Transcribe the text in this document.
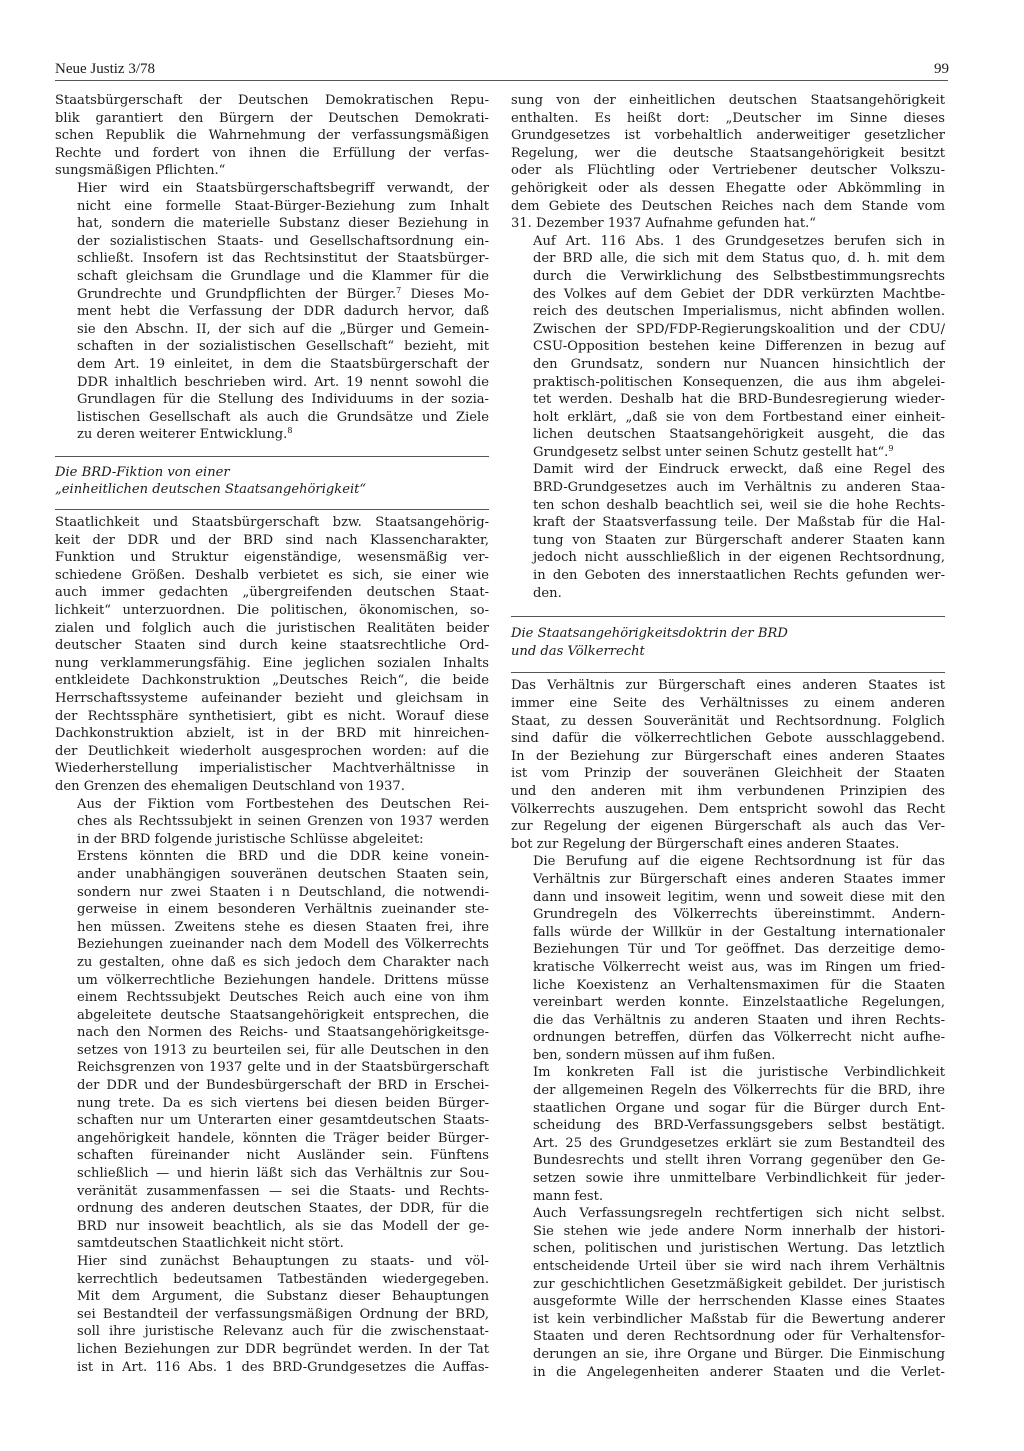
Neue Justiz 3/78	99

Staatsbürgerschaft der Deutschen Demokratischen Repu-
blik garantiert den Bürgern der Deutschen Demokrati-
schen Republik die Wahrnehmung der verfassungsmäßigen
Rechte und fordert von ihnen die Erfüllung der verfas-
sungsmäßigen Pflichten.“

Hier wird ein Staatsbürgerschaftsbegriff verwandt, der
nicht eine formelle Staat-Bürger-Beziehung zum Inhalt
hat, sondern die materielle Substanz dieser Beziehung in
der sozialistischen Staats- und Gesellschaftsordnung ein-
schließt. Insofern ist das Rechtsinstitut der Staatsbürger-
schaft gleichsam die Grundlage und die Klammer für die
Grundrechte und Grundpflichten der Bürger.$^7$ Dieses Mo-
ment hebt die Verfassung der DDR dadurch hervor, daß
sie den Abschn. II, der sich auf die „Bürger und Gemein-
schaften in der sozialistischen Gesellschaft“ bezieht, mit
dem Art. 19 einleitet, in dem die Staatsbürgerschaft der
DDR inhaltlich beschrieben wird. Art. 19 nennt sowohl die
Grundlagen für die Stellung des Individuums in der sozia-
listischen Gesellschaft als auch die Grundsätze und Ziele
zu deren weiterer Entwicklung.$^8$

Die BRD-Fiktion von einer
„einheitlichen deutschen Staatsangehörigkeit“

Staatlichkeit und Staatsbürgerschaft bzw. Staatsangehörig-
keit der DDR und der BRD sind nach Klassencharakter,
Funktion und Struktur eigenständige, wesensmäßig ver-
schiedene Größen. Deshalb verbietet es sich, sie einer wie
auch immer gedachten „übergreifenden deutschen Staat-
lichkeit“ unterzuordnen. Die politischen, ökonomischen, so-
zialen und folglich auch die juristischen Realitäten beider
deutscher Staaten sind durch keine staatsrechtliche Ord-
nung verklammerungsfähig. Eine jeglichen sozialen Inhalts
entkleidete Dachkonstruktion „Deutsches Reich“, die beide
Herrschaftssysteme aufeinander bezieht und gleichsam in
der Rechtssphäre synthetisiert, gibt es nicht. Worauf diese
Dachkonstruktion abzielt, ist in der BRD mit hinreichen-
der Deutlichkeit wiederholt ausgesprochen worden: auf die
Wiederherstellung imperialistischer Machtverhältnisse in
den Grenzen des ehemaligen Deutschland von 1937.

Aus der Fiktion vom Fortbestehen des Deutschen Rei-
ches als Rechtssubjekt in seinen Grenzen von 1937 werden
in der BRD folgende juristische Schlüsse abgeleitet:

Erstens könnten die BRD und die DDR keine vonein-
ander unabhängigen souveränen deutschen Staaten sein,
sondern nur zwei Staaten i n Deutschland, die notwendi-
gerweise in einem besonderen Verhältnis zueinander ste-
hen müssen. Zweitens stehe es diesen Staaten frei, ihre
Beziehungen zueinander nach dem Modell des Völkerrechts
zu gestalten, ohne daß es sich jedoch dem Charakter nach
um völkerrechtliche Beziehungen handele. Drittens müsse
einem Rechtssubjekt Deutsches Reich auch eine von ihm
abgeleitete deutsche Staatsangehörigkeit entsprechen, die
nach den Normen des Reichs- und Staatsangehörigkeitsge-
setzes von 1913 zu beurteilen sei, für alle Deutschen in den
Reichsgrenzen von 1937 gelte und in der Staatsbürgerschaft
der DDR und der Bundesbürgerschaft der BRD in Erschei-
nung trete. Da es sich viertens bei diesen beiden Bürger-
schaften nur um Unterarten einer gesamtdeutschen Staats-
angehörigkeit handele, könnten die Träger beider Bürger-
schaften füreinander nicht Ausländer sein. Fünftens
schließlich — und hierin läßt sich das Verhältnis zur Sou-
veränität zusammenfassen — sei die Staats- und Rechts-
ordnung des anderen deutschen Staates, der DDR, für die
BRD nur insoweit beachtlich, als sie das Modell der ge-
samtdeutschen Staatlichkeit nicht stört.

Hier sind zunächst Behauptungen zu staats- und völ-
kerrechtlich bedeutsamen Tatbeständen wiedergegeben.
Mit dem Argument, die Substanz dieser Behauptungen
sei Bestandteil der verfassungsmäßigen Ordnung der BRD,
soll ihre juristische Relevanz auch für die zwischenstaat-
lichen Beziehungen zur DDR begründet werden. In der Tat
ist in Art. 116 Abs. 1 des BRD-Grundgesetzes die Auffas-

sung von der einheitlichen deutschen Staatsangehörigkeit
enthalten. Es heißt dort: „Deutscher im Sinne dieses
Grundgesetzes ist vorbehaltlich anderweitiger gesetzlicher
Regelung, wer die deutsche Staatsangehörigkeit besitzt
oder als Flüchtling oder Vertriebener deutscher Volkszu-
gehörigkeit oder als dessen Ehegatte oder Abkömmling in
dem Gebiete des Deutschen Reiches nach dem Stande vom
31. Dezember 1937 Aufnahme gefunden hat.“

Auf Art. 116 Abs. 1 des Grundgesetzes berufen sich in
der BRD alle, die sich mit dem Status quo, d. h. mit dem
durch die Verwirklichung des Selbstbestimmungsrechts
des Volkes auf dem Gebiet der DDR verkürzten Machtbe-
reich des deutschen Imperialismus, nicht abfinden wollen.
Zwischen der SPD/FDP-Regierungskoalition und der CDU/
CSU-Opposition bestehen keine Differenzen in bezug auf
den Grundsatz, sondern nur Nuancen hinsichtlich der
praktisch-politischen Konsequenzen, die aus ihm abgelei-
tet werden. Deshalb hat die BRD-Bundesregierung wieder-
holt erklärt, „daß sie von dem Fortbestand einer einheit-
lichen deutschen Staatsangehörigkeit ausgeht, die das
Grundgesetz selbst unter seinen Schutz gestellt hat“.$^9$

Damit wird der Eindruck erweckt, daß eine Regel des
BRD-Grundgesetzes auch im Verhältnis zu anderen Staa-
ten schon deshalb beachtlich sei, weil sie die hohe Rechts-
kraft der Staatsverfassung teile. Der Maßstab für die Hal-
tung von Staaten zur Bürgerschaft anderer Staaten kann
jedoch nicht ausschließlich in der eigenen Rechtsordnung,
in den Geboten des innerstaatlichen Rechts gefunden wer-
den.

Die Staatsangehörigkeitsdoktrin der BRD
und das Völkerrecht

Das Verhältnis zur Bürgerschaft eines anderen Staates ist
immer eine Seite des Verhältnisses zu einem anderen
Staat, zu dessen Souveränität und Rechtsordnung. Folglich
sind dafür die völkerrechtlichen Gebote ausschlaggebend.
In der Beziehung zur Bürgerschaft eines anderen Staates
ist vom Prinzip der souveränen Gleichheit der Staaten
und den anderen mit ihm verbundenen Prinzipien des
Völkerrechts auszugehen. Dem entspricht sowohl das Recht
zur Regelung der eigenen Bürgerschaft als auch das Ver-
bot zur Regelung der Bürgerschaft eines anderen Staates.

Die Berufung auf die eigene Rechtsordnung ist für das
Verhältnis zur Bürgerschaft eines anderen Staates immer
dann und insoweit legitim, wenn und soweit diese mit den
Grundregeln des Völkerrechts übereinstimmt. Andern-
falls würde der Willkür in der Gestaltung internationaler
Beziehungen Tür und Tor geöffnet. Das derzeitige demo-
kratische Völkerrecht weist aus, was im Ringen um fried-
liche Koexistenz an Verhaltensmaximen für die Staaten
vereinbart werden konnte. Einzelstaatliche Regelungen,
die das Verhältnis zu anderen Staaten und ihren Rechts-
ordnungen betreffen, dürfen das Völkerrecht nicht aufhe-
ben, sondern müssen auf ihm fußen.

Im konkreten Fall ist die juristische Verbindlichkeit
der allgemeinen Regeln des Völkerrechts für die BRD, ihre
staatlichen Organe und sogar für die Bürger durch Ent-
scheidung des BRD-Verfassungsgebers selbst bestätigt.
Art. 25 des Grundgesetzes erklärt sie zum Bestandteil des
Bundesrechts und stellt ihren Vorrang gegenüber den Ge-
setzen sowie ihre unmittelbare Verbindlichkeit für jeder-
mann fest.

Auch Verfassungsregeln rechtfertigen sich nicht selbst.
Sie stehen wie jede andere Norm innerhalb der histori-
schen, politischen und juristischen Wertung. Das letztlich
entscheidende Urteil über sie wird nach ihrem Verhältnis
zur geschichtlichen Gesetzmäßigkeit gebildet. Der juristisch
ausgeformte Wille der herrschenden Klasse eines Staates
ist kein verbindlicher Maßstab für die Bewertung anderer
Staaten und deren Rechtsordnung oder für Verhaltensfor-
derungen an sie, ihre Organe und Bürger. Die Einmischung
in die Angelegenheiten anderer Staaten und die Verlet-
